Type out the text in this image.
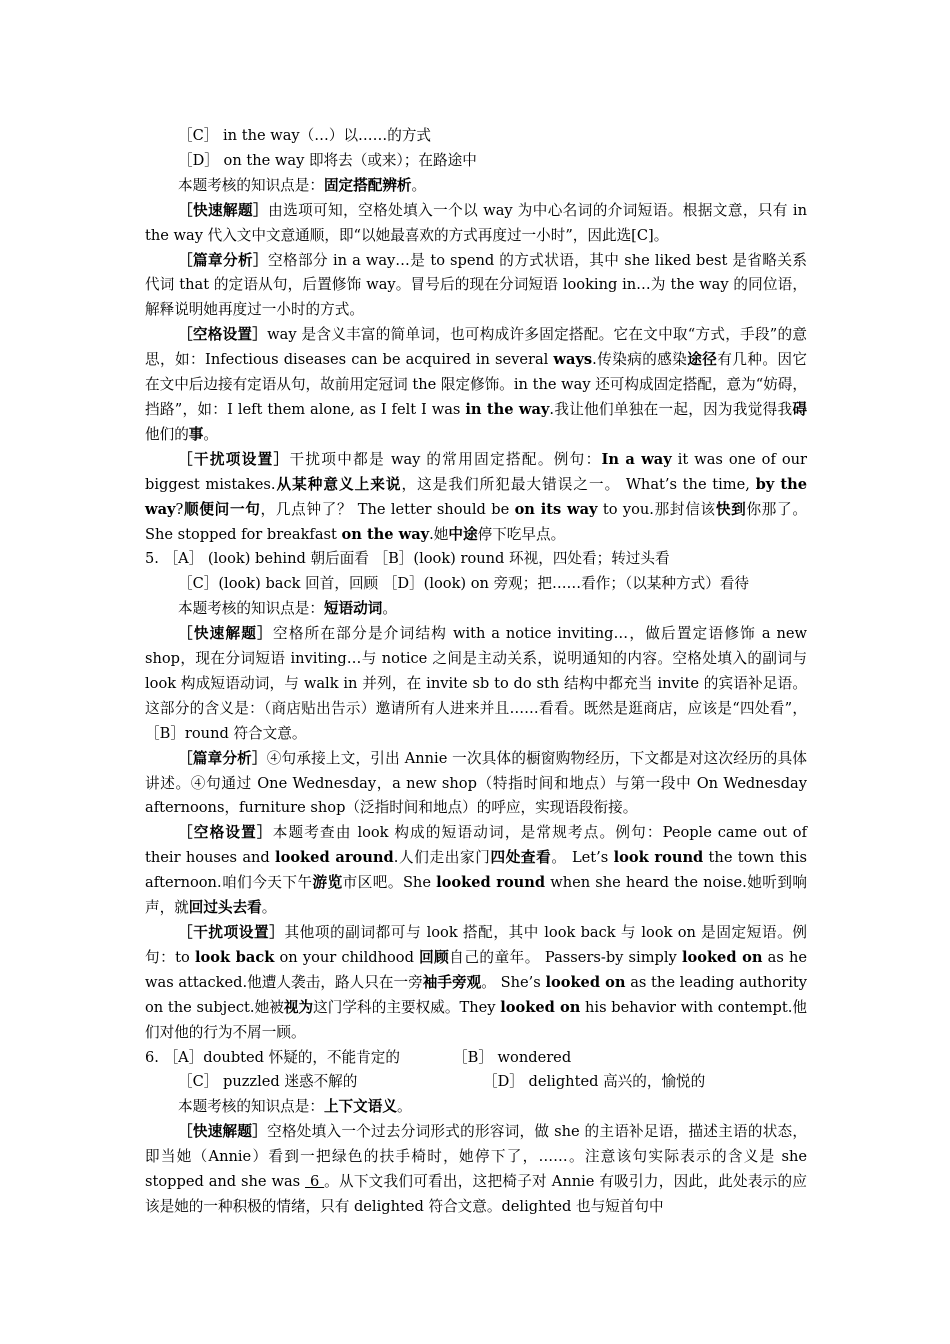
［C］ in the way（…）以……的方式

［D］ on the way 即将去（或来）；在路途中

本题考核的知识点是：固定搭配辨析。

［快速解题］由选项可知，空格处填入一个以 way 为中心名词的介词短语。根据文意，只有 in the way 代入文中文意通顺，即“以她最喜欢的方式再度过一小时”，因此选[C]。

［篇章分析］空格部分 in a way…是 to spend 的方式状语，其中 she liked best 是省略关系代词 that 的定语从句，后置修饰 way。冒号后的现在分词短语 looking in…为 the way 的同位语，解释说明她再度过一小时的方式。

［空格设置］way 是含义丰富的简单词，也可构成许多固定搭配。它在文中取“方式，手段”的意思，如：Infectious diseases can be acquired in several ways.传染病的感染途径有几种。因它在文中后边接有定语从句，故前用定冠词 the 限定修饰。in the way 还可构成固定搭配，意为“妨碍，挡路”，如：I left them alone, as I felt I was in the way.我让他们单独在一起，因为我觉得我碍他们的事。

［干扰项设置］干扰项中都是 way 的常用固定搭配。例句：In a way it was one of our biggest mistakes.从某种意义上来说，这是我们所犯最大错误之一。 What’s the time, by the way?顺便问一句，几点钟了？ The letter should be on its way to you.那封信该快到你那了。She stopped for breakfast on the way.她中途停下吃早点。

5. ［A］ (look) behind 朝后面看 ［B］(look) round 环视，四处看；转过头看

［C］(look) back 回首，回顾 ［D］(look) on 旁观；把……看作；（以某种方式）看待

本题考核的知识点是：短语动词。

［快速解题］空格所在部分是介词结构 with a notice inviting…，做后置定语修饰 a new shop，现在分词短语 inviting…与 notice 之间是主动关系，说明通知的内容。空格处填入的副词与 look 构成短语动词，与 walk in 并列，在 invite sb to do sth 结构中都充当 invite 的宾语补足语。这部分的含义是：（商店贴出告示）邀请所有人进来并且……看看。既然是逛商店，应该是“四处看”，［B］round 符合文意。

［篇章分析］④句承接上文，引出 Annie 一次具体的橱窗购物经历，下文都是对这次经历的具体讲述。④句通过 One Wednesday，a new shop（特指时间和地点）与第一段中 On Wednesday afternoons，furniture shop（泛指时间和地点）的呼应，实现语段衔接。

［空格设置］本题考查由 look 构成的短语动词，是常规考点。例句：People came out of their houses and looked around.人们走出家门四处查看。 Let’s look round the town this afternoon.咱们今天下午游览市区吧。She looked round when she heard the noise.她听到响声，就回过头去看。

［干扰项设置］其他项的副词都可与 look 搭配，其中 look back 与 look on 是固定短语。例句：to look back on your childhood 回顾自己的童年。 Passers-by simply looked on as he was attacked.他遭人袭击，路人只在一旁袖手旁观。 She’s looked on as the leading authority on the subject.她被视为这门学科的主要权威。They looked on his behavior with contempt.他们对他的行为不屑一顾。

6. ［A］doubted 怀疑的，不能肯定的	［B］ wondered
［C］ puzzled 迷惑不解的	［D］ delighted 高兴的，愉悦的

本题考核的知识点是：上下文语义。

［快速解题］空格处填入一个过去分词形式的形容词，做 she 的主语补足语，描述主语的状态，即当她（Annie）看到一把绿色的扶手椅时，她停下了，……。注意该句实际表示的含义是 she stopped and she was  6 。从下文我们可看出，这把椅子对 Annie 有吸引力，因此，此处表示的应该是她的一种积极的情绪，只有 delighted 符合文意。delighted 也与短首句中
